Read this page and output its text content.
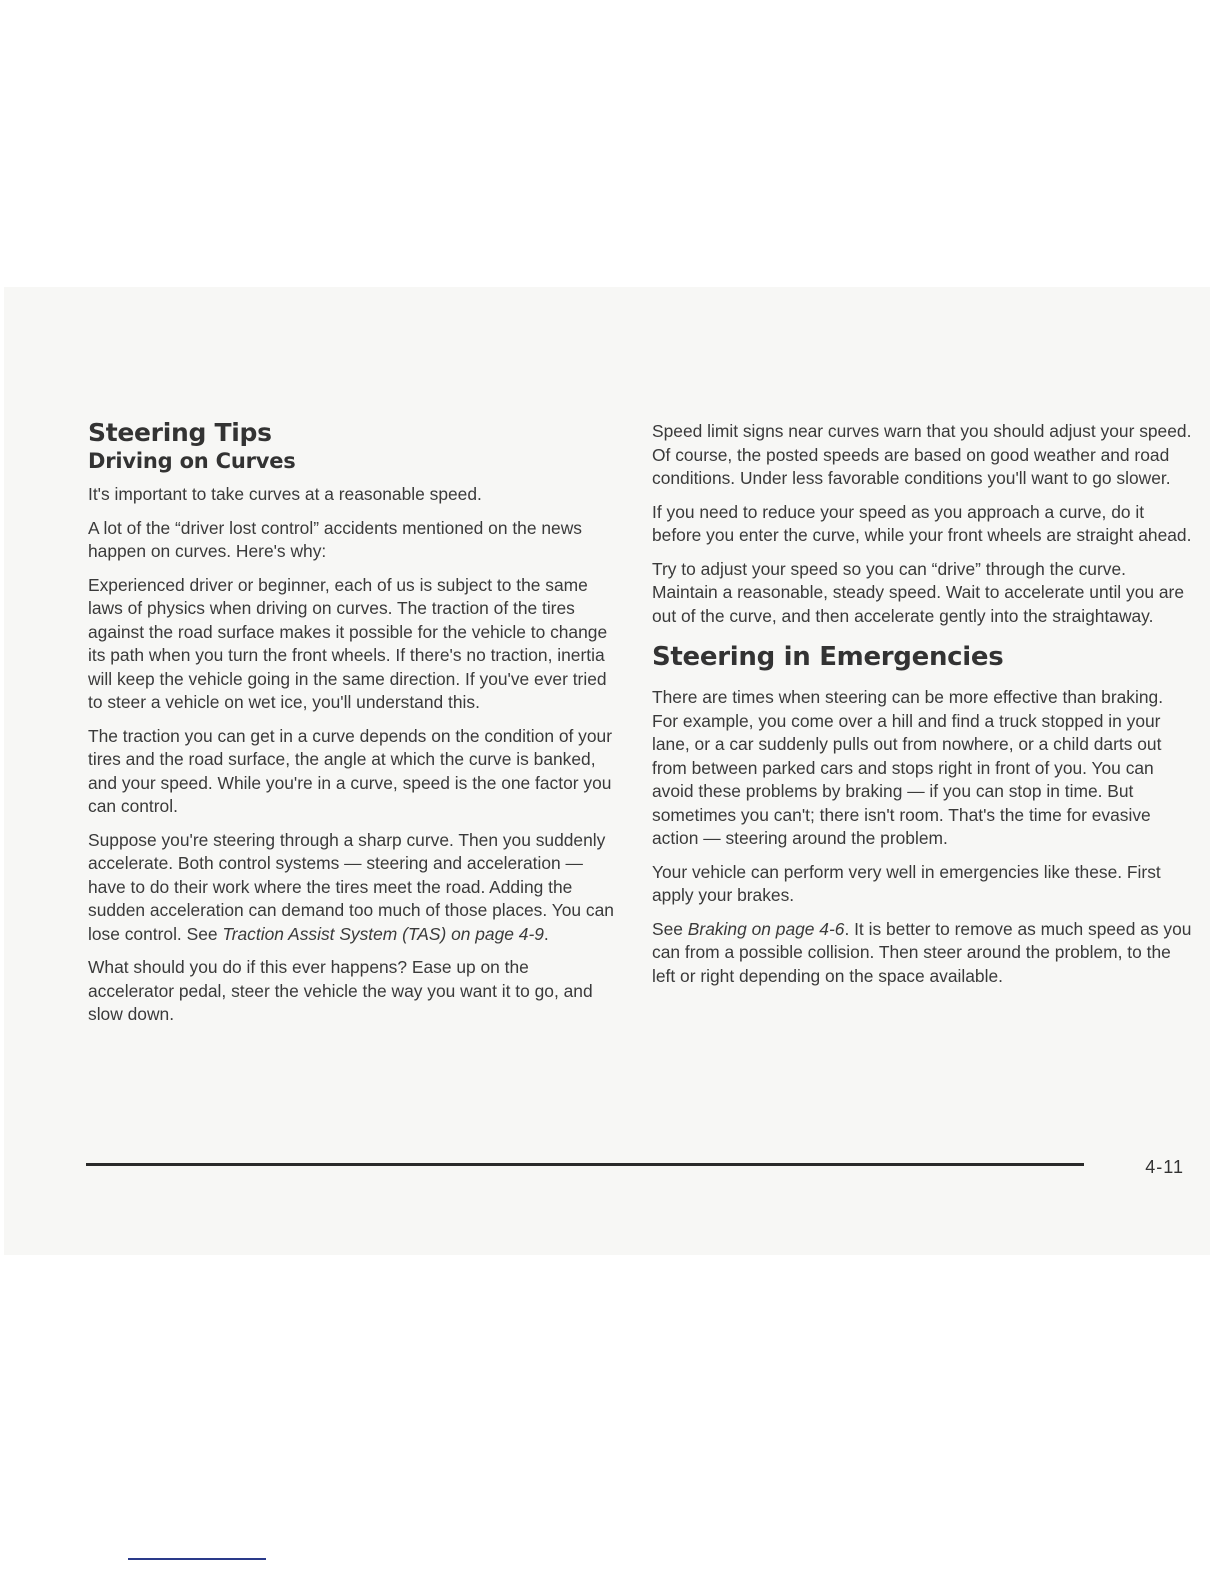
Steering Tips
Driving on Curves

It's important to take curves at a reasonable speed.

A lot of the “driver lost control” accidents mentioned on the news happen on curves. Here's why:

Experienced driver or beginner, each of us is subject to the same laws of physics when driving on curves. The traction of the tires against the road surface makes it possible for the vehicle to change its path when you turn the front wheels. If there's no traction, inertia will keep the vehicle going in the same direction. If you've ever tried to steer a vehicle on wet ice, you'll understand this.

The traction you can get in a curve depends on the condition of your tires and the road surface, the angle at which the curve is banked, and your speed. While you're in a curve, speed is the one factor you can control.

Suppose you're steering through a sharp curve. Then you suddenly accelerate. Both control systems — steering and acceleration — have to do their work where the tires meet the road. Adding the sudden acceleration can demand too much of those places. You can lose control. See Traction Assist System (TAS) on page 4-9.

What should you do if this ever happens? Ease up on the accelerator pedal, steer the vehicle the way you want it to go, and slow down.

Speed limit signs near curves warn that you should adjust your speed. Of course, the posted speeds are based on good weather and road conditions. Under less favorable conditions you'll want to go slower.

If you need to reduce your speed as you approach a curve, do it before you enter the curve, while your front wheels are straight ahead.

Try to adjust your speed so you can “drive” through the curve. Maintain a reasonable, steady speed. Wait to accelerate until you are out of the curve, and then accelerate gently into the straightaway.

Steering in Emergencies

There are times when steering can be more effective than braking. For example, you come over a hill and find a truck stopped in your lane, or a car suddenly pulls out from nowhere, or a child darts out from between parked cars and stops right in front of you. You can avoid these problems by braking — if you can stop in time. But sometimes you can't; there isn't room. That's the time for evasive action — steering around the problem.

Your vehicle can perform very well in emergencies like these. First apply your brakes.

See Braking on page 4-6. It is better to remove as much speed as you can from a possible collision. Then steer around the problem, to the left or right depending on the space available.

4-11
